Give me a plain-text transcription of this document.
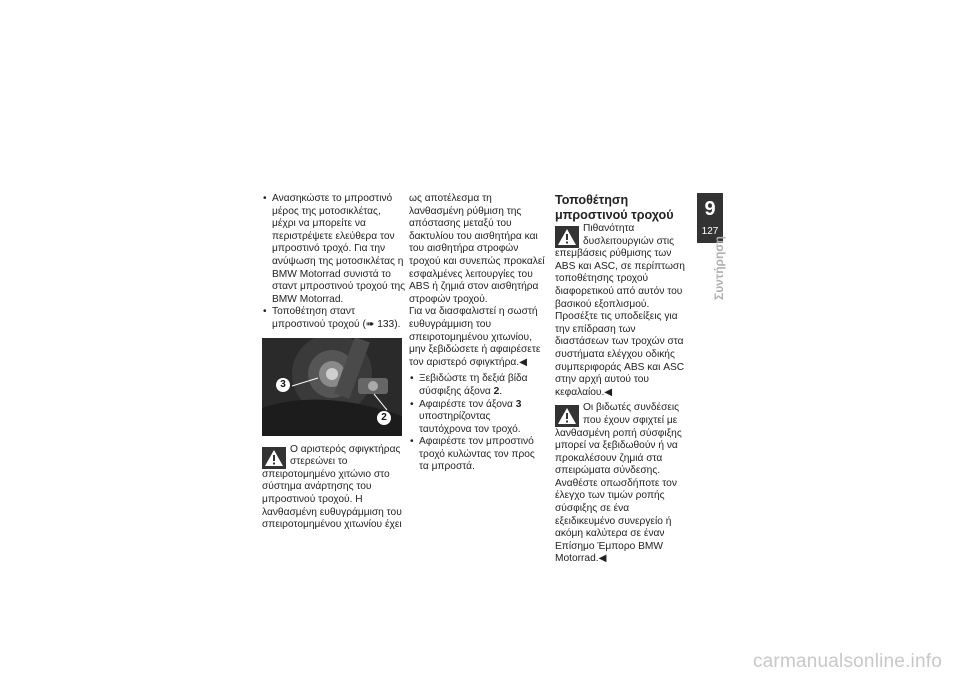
• Ανασηκώστε το μπροστινό μέρος της μοτοσικλέτας, μέχρι να μπορείτε να περιστρέψετε ελεύθερα τον μπροστινό τροχό. Για την ανύψωση της μοτοσικλέτας η BMW Motorrad συνιστά το σταντ μπροστινού τροχού της BMW Motorrad.

• Τοποθέτηση σταντ μπροστινού τροχού (➠ 133).

3
2

Ο αριστερός σφιγκτήρας στερεώνει το σπειροτομημένο χιτώνιο στο σύστημα ανάρτησης του μπροστινού τροχού. Η λανθασμένη ευθυγράμμιση του σπειροτομημένου χιτωνίου έχει

ως αποτέλεσμα τη λανθασμένη ρύθμιση της απόστασης μεταξύ του δακτυλίου του αισθητήρα και του αισθητήρα στροφών τροχού και συνεπώς προκαλεί εσφαλμένες λειτουργίες του ABS ή ζημιά στον αισθητήρα στροφών τροχού.

Για να διασφαλιστεί η σωστή ευθυγράμμιση του σπειροτομημένου χιτωνίου, μην ξεβιδώσετε ή αφαιρέσετε τον αριστερό σφιγκτήρα.◀

• Ξεβιδώστε τη δεξιά βίδα σύσφιξης άξονα 2.

• Αφαιρέστε τον άξονα 3 υποστηρίζοντας ταυτόχρονα τον τροχό.

• Αφαιρέστε τον μπροστινό τροχό κυλώντας τον προς τα μπροστά.

Τοποθέτηση μπροστινού τροχού

Πιθανότητα δυσλειτουργιών στις επεμβάσεις ρύθμισης των ABS και ASC, σε περίπτωση τοποθέτησης τροχού διαφορετικού από αυτόν του βασικού εξοπλισμού.

Προσέξτε τις υποδείξεις για την επίδραση των διαστάσεων των τροχών στα συστήματα ελέγχου οδικής συμπεριφοράς ABS και ASC στην αρχή αυτού του κεφαλαίου.◀

Οι βιδωτές συνδέσεις που έχουν σφιχτεί με λανθασμένη ροπή σύσφιξης μπορεί να ξεβιδωθούν ή να προκαλέσουν ζημιά στα σπειρώματα σύνδεσης.

Αναθέστε οπωσδήποτε τον έλεγχο των τιμών ροπής σύσφιξης σε ένα εξειδικευμένο συνεργείο ή ακόμη καλύτερα σε έναν Επίσημο Έμπορο BMW Motorrad.◀

9
127
Συντήρηση
carmanualsonline.info
